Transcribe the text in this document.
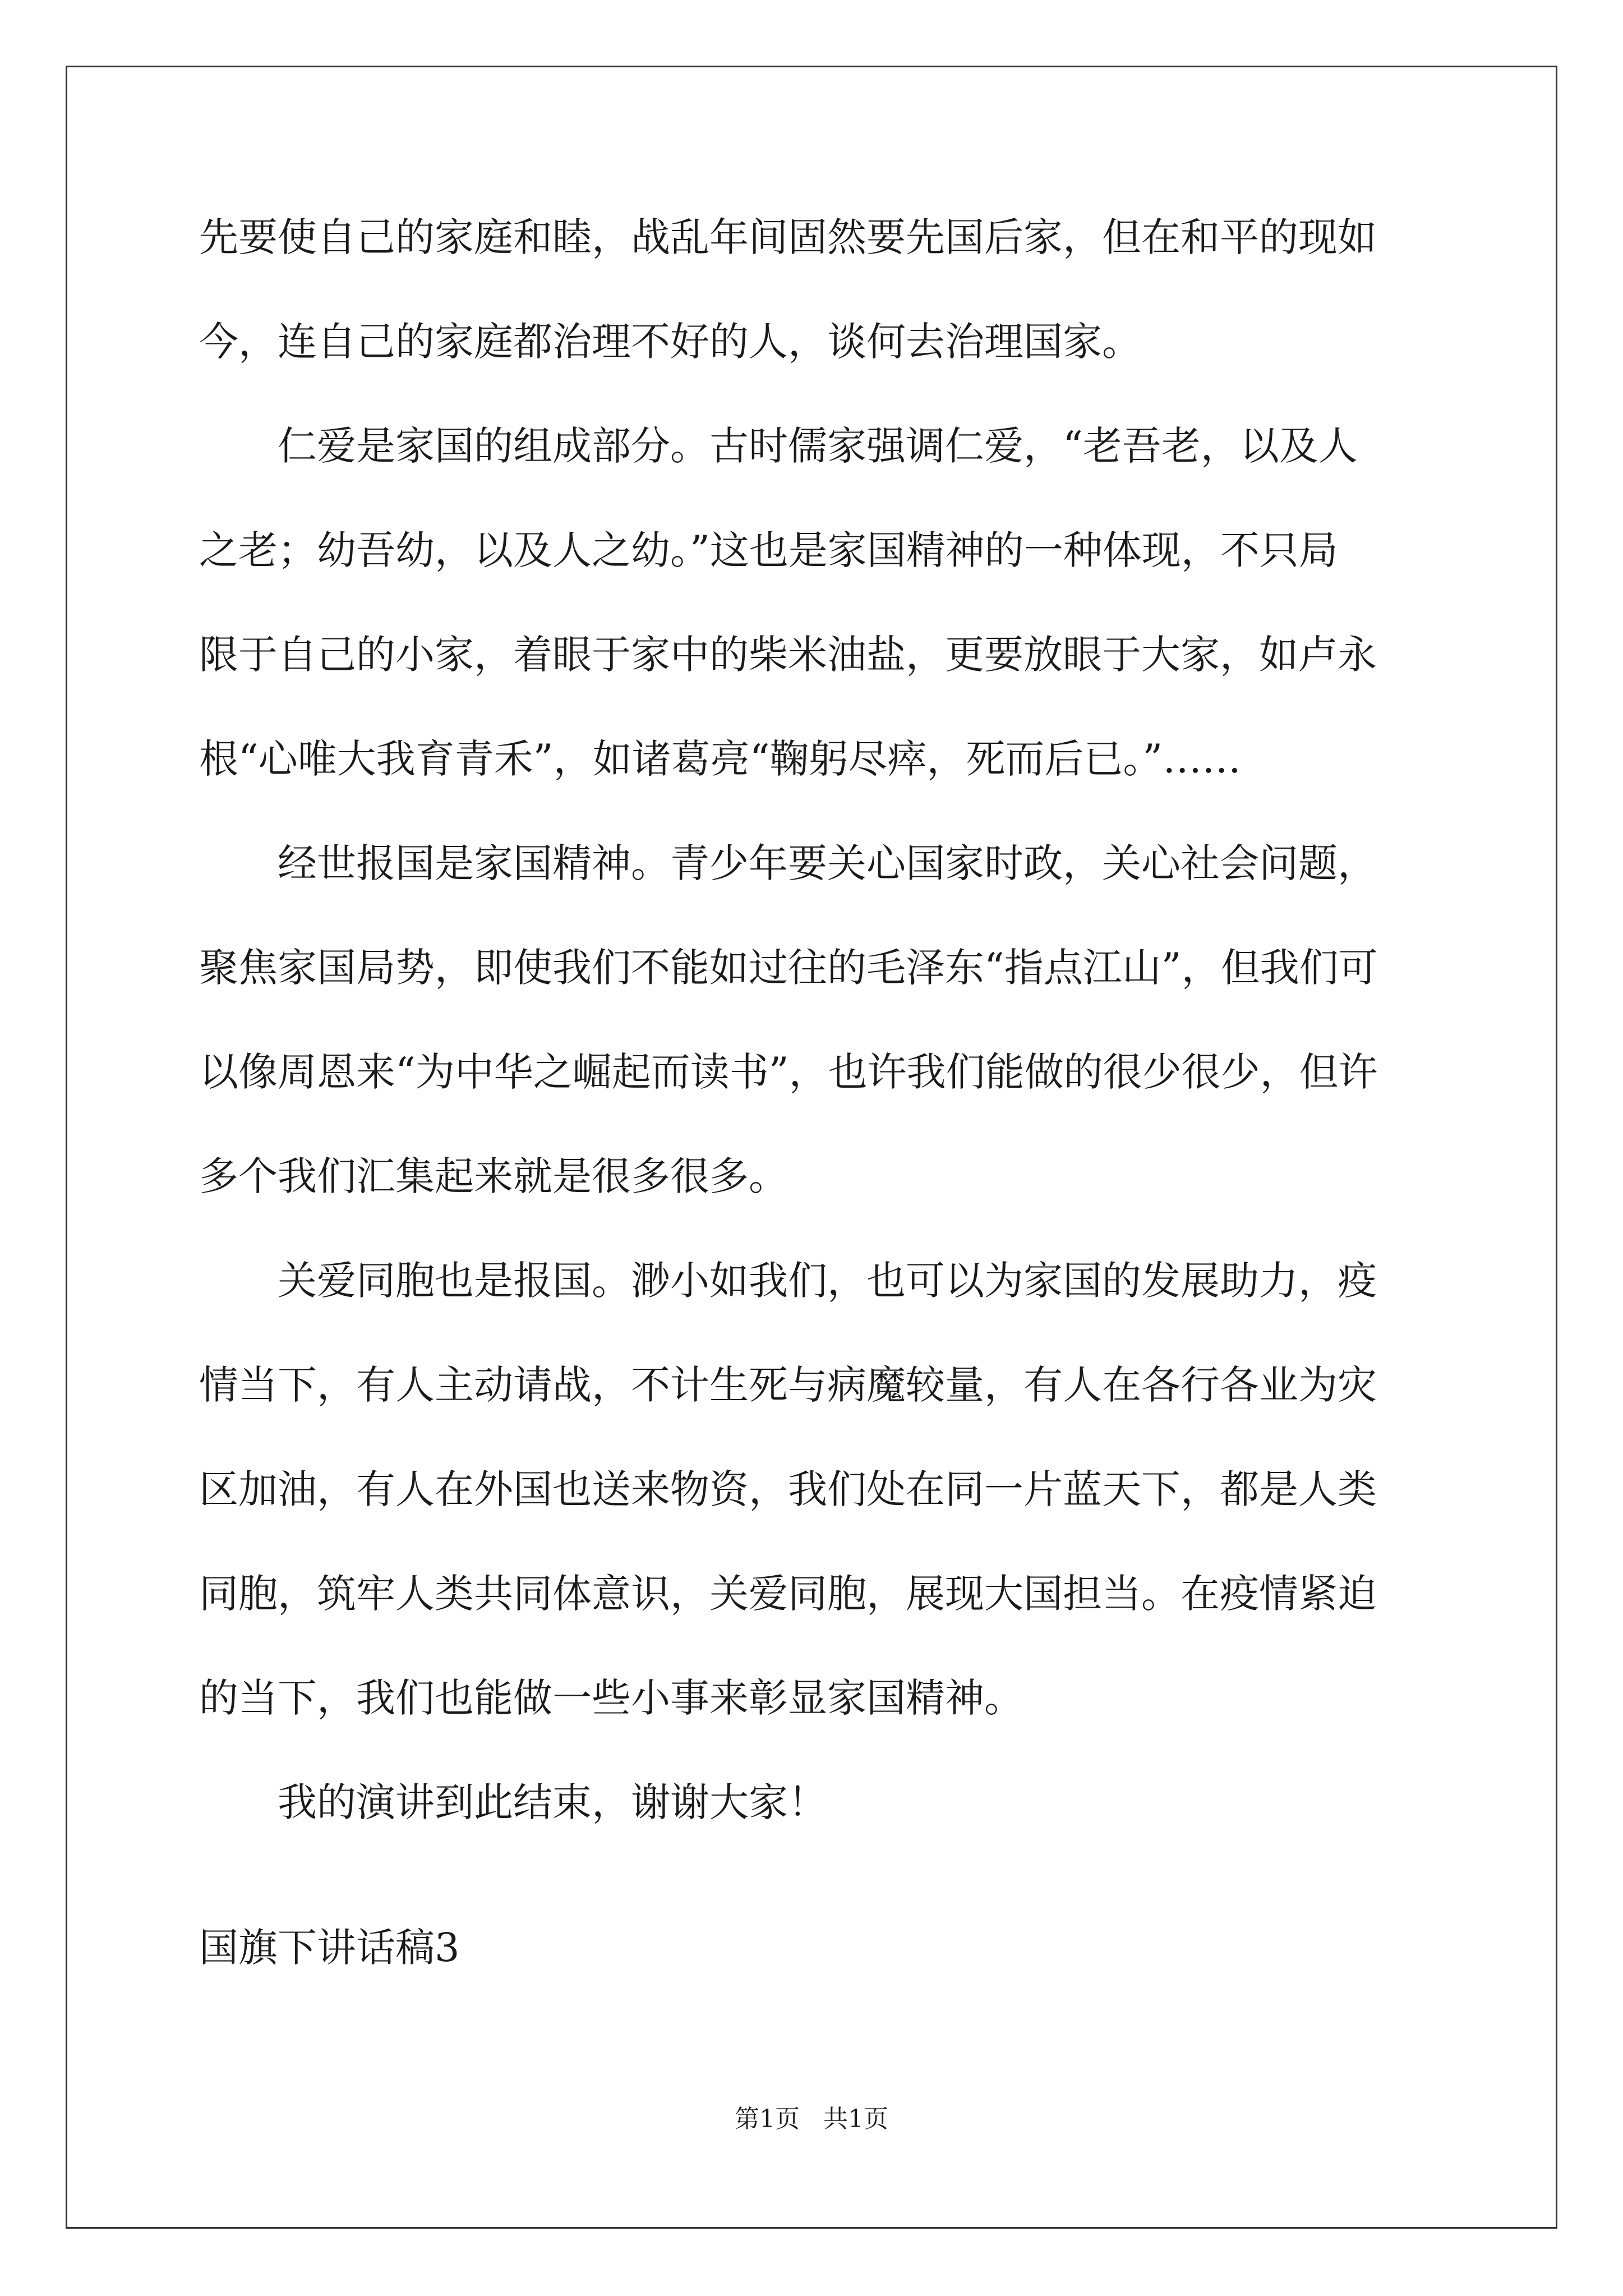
先要使自己的家庭和睦，战乱年间固然要先国后家，但在和平的现如
今，连自己的家庭都治理不好的人，谈何去治理国家。
仁爱是家国的组成部分。古时儒家强调仁爱，“老吾老，以及人
之老；幼吾幼，以及人之幼。”这也是家国精神的一种体现，不只局
限于自己的小家，着眼于家中的柴米油盐，更要放眼于大家，如卢永
根“心唯大我育青禾”，如诸葛亮“鞠躬尽瘁，死而后已。”……
经世报国是家国精神。青少年要关心国家时政，关心社会问题，
聚焦家国局势，即使我们不能如过往的毛泽东“指点江山”，但我们可
以像周恩来“为中华之崛起而读书”，也许我们能做的很少很少，但许
多个我们汇集起来就是很多很多。
关爱同胞也是报国。渺小如我们，也可以为家国的发展助力，疫
情当下，有人主动请战，不计生死与病魔较量，有人在各行各业为灾
区加油，有人在外国也送来物资，我们处在同一片蓝天下，都是人类
同胞，筑牢人类共同体意识，关爱同胞，展现大国担当。在疫情紧迫
的当下，我们也能做一些小事来彰显家国精神。
我的演讲到此结束，谢谢大家！
国旗下讲话稿3
第1页   共1页
